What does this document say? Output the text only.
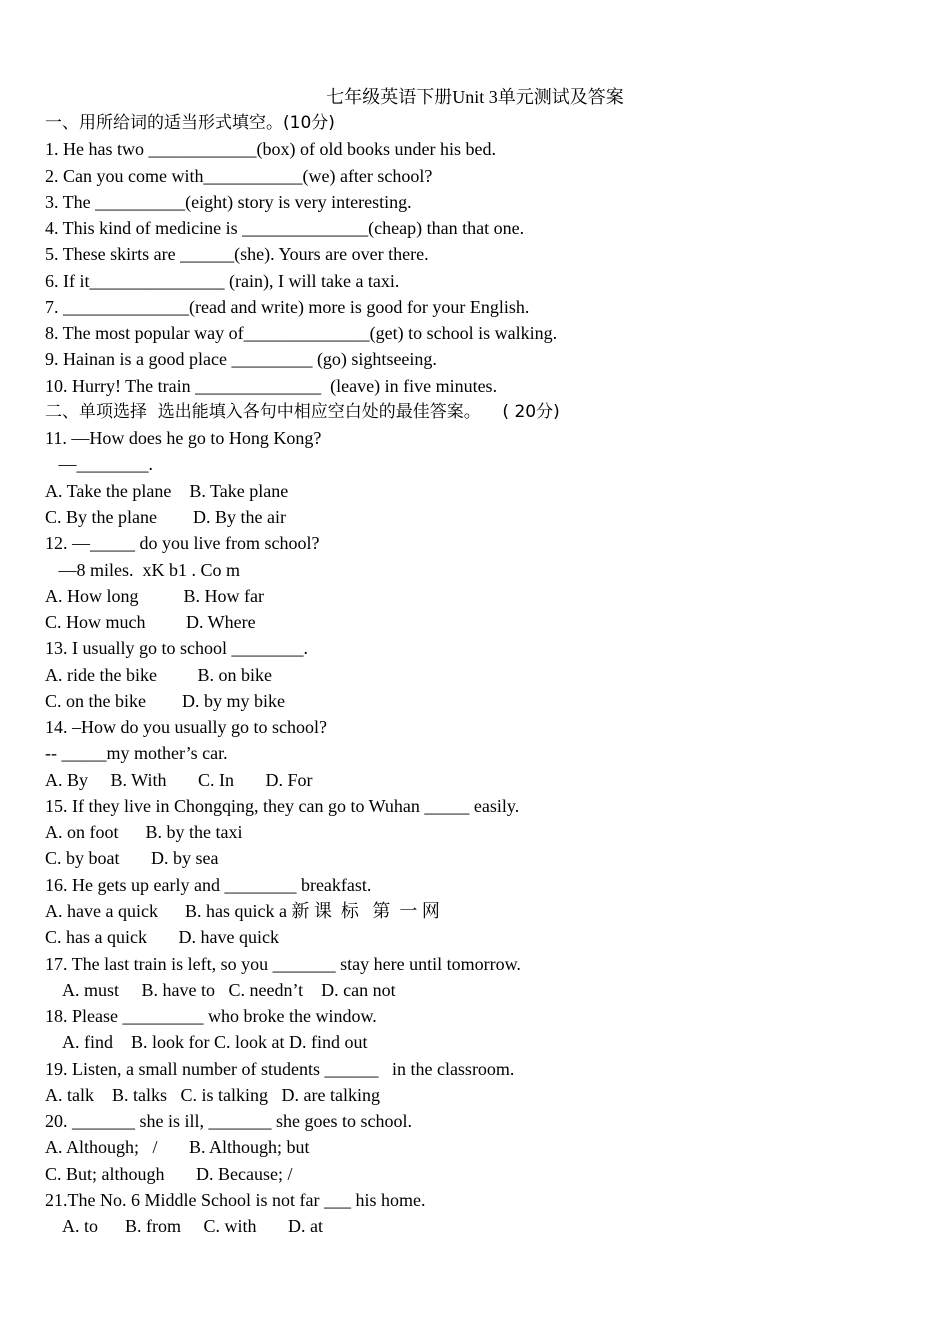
七年级英语下册Unit 3单元测试及答案
一、用所给词的适当形式填空。(10分)
1. He has two ____________(box) of old books under his bed.
2. Can you come with___________(we) after school?
3. The __________(eight) story is very interesting.
4. This kind of medicine is ______________(cheap) than that one.
5. These skirts are ______(she). Yours are over there.
6. If it_______________ (rain), I will take a taxi.
7. ______________(read and write) more is good for your English.
8. The most popular way of______________(get) to school is walking.
9. Hainan is a good place _________ (go) sightseeing.
10. Hurry! The train ______________  (leave) in five minutes.
二、单项选择  选出能填入各句中相应空白处的最佳答案。    ( 20分)
11. —How does he go to Hong Kong?
—________.
A. Take the plane    B. Take plane
C. By the plane        D. By the air
12. —_____ do you live from school?
—8 miles.  xK b1 . Co m
A. How long          B. How far
C. How much         D. Where
13. I usually go to school ________.
A. ride the bike         B. on bike
C. on the bike        D. by my bike
14. –How do you usually go to school?
-- _____my mother’s car.
A. By     B. With       C. In       D. For
15. If they live in Chongqing, they can go to Wuhan _____ easily.
A. on foot      B. by the taxi
C. by boat       D. by sea
16. He gets up early and ________ breakfast.
A. have a quick      B. has quick a 新 课  标   第  一 网
C. has a quick       D. have quick
17. The last train is left, so you _______ stay here until tomorrow.
A. must     B. have to   C. needn’t    D. can not
18. Please _________ who broke the window.
A. find    B. look for C. look at D. find out
19. Listen, a small number of students ______   in the classroom.
A. talk    B. talks   C. is talking   D. are talking
20. _______ she is ill, _______ she goes to school.
A. Although;   /       B. Although; but
C. But; although       D. Because; /
21.The No. 6 Middle School is not far ___ his home.
A. to      B. from     C. with       D. at
